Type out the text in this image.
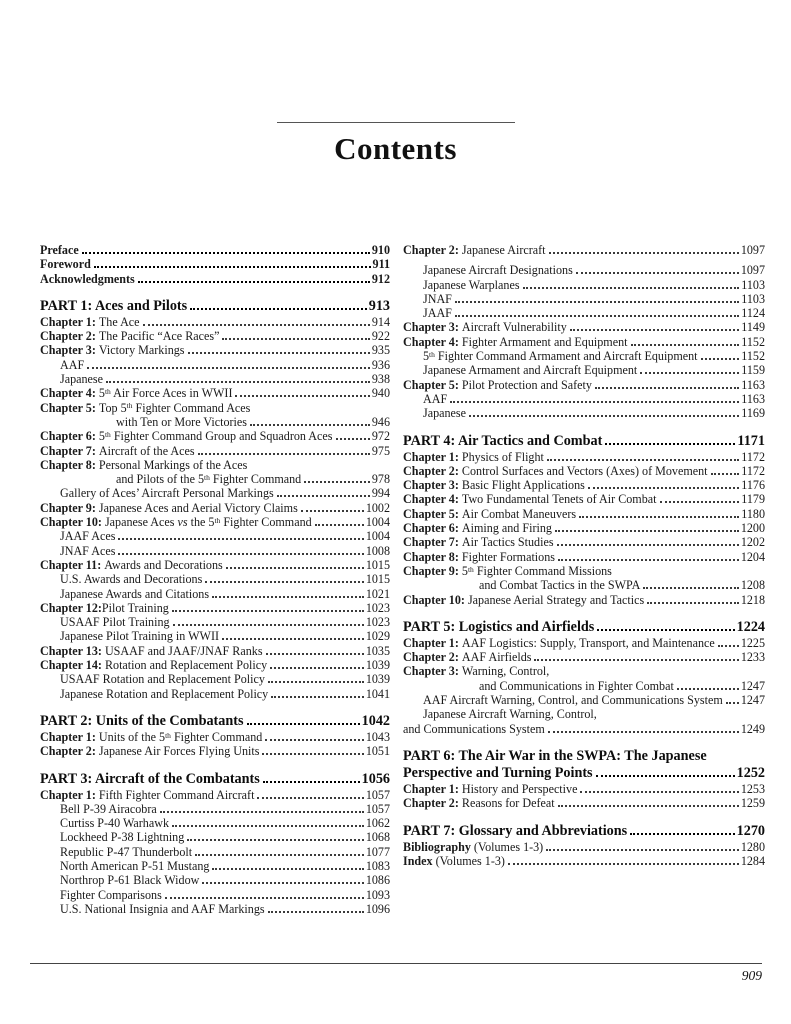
Contents
Preface	910
Foreword	911
Acknowledgments	912
PART 1: Aces and Pilots	913
Chapter 1: The Ace	914
Chapter 2: The Pacific “Ace Races”	922
Chapter 3: Victory Markings	935
AAF	936
Japanese	938
Chapter 4: 5th Air Force Aces in WWII	940
Chapter 5: Top 5th Fighter Command Aces
with Ten or More Victories	946
Chapter 6: 5th Fighter Command Group and Squadron Aces	972
Chapter 7: Aircraft of the Aces	975
Chapter 8: Personal Markings of the Aces
and Pilots of the 5th Fighter Command	978
Gallery of Aces’ Aircraft Personal Markings	994
Chapter 9: Japanese Aces and Aerial Victory Claims	1002
Chapter 10: Japanese Aces vs the 5th Fighter Command	1004
JAAF Aces	1004
JNAF Aces	1008
Chapter 11: Awards and Decorations	1015
U.S. Awards and Decorations	1015
Japanese Awards and Citations	1021
Chapter 12:Pilot Training	1023
USAAF Pilot Training	1023
Japanese Pilot Training in WWII	1029
Chapter 13: USAAF and JAAF/JNAF Ranks	1035
Chapter 14: Rotation and Replacement Policy	1039
USAAF Rotation and Replacement Policy	1039
Japanese Rotation and Replacement Policy	1041
PART 2: Units of the Combatants	1042
Chapter 1: Units of the 5th Fighter Command	1043
Chapter 2: Japanese Air Forces Flying Units	1051
PART 3: Aircraft of the Combatants	1056
Chapter 1: Fifth Fighter Command Aircraft	1057
Bell P-39 Airacobra	1057
Curtiss P-40 Warhawk	1062
Lockheed P-38 Lightning	1068
Republic P-47 Thunderbolt	1077
North American P-51 Mustang	1083
Northrop P-61 Black Widow	1086
Fighter Comparisons	1093
U.S. National Insignia and AAF Markings	1096
Chapter 2: Japanese Aircraft	1097
Japanese Aircraft Designations	1097
Japanese Warplanes	1103
JNAF	1103
JAAF	1124
Chapter 3: Aircraft Vulnerability	1149
Chapter 4: Fighter Armament and Equipment	1152
5th Fighter Command Armament and Aircraft Equipment	1152
Japanese Armament and Aircraft Equipment	1159
Chapter 5: Pilot Protection and Safety	1163
AAF	1163
Japanese	1169
PART 4: Air Tactics and Combat	1171
Chapter 1: Physics of Flight	1172
Chapter 2: Control Surfaces and Vectors (Axes) of Movement	1172
Chapter 3: Basic Flight Applications	1176
Chapter 4: Two Fundamental Tenets of Air Combat	1179
Chapter 5: Air Combat Maneuvers	1180
Chapter 6: Aiming and Firing	1200
Chapter 7: Air Tactics Studies	1202
Chapter 8: Fighter Formations	1204
Chapter 9: 5th Fighter Command Missions
and Combat Tactics in the SWPA	1208
Chapter 10: Japanese Aerial Strategy and Tactics	1218
PART 5: Logistics and Airfields	1224
Chapter 1: AAF Logistics: Supply, Transport, and Maintenance 1225
Chapter 2: AAF Airfields	1233
Chapter 3: Warning, Control,
and Communications in Fighter Combat	1247
AAF Aircraft Warning, Control, and Communications System 1247
Japanese Aircraft Warning, Control,
and Communications System	1249
PART 6: The Air War in the SWPA: The Japanese
Perspective and Turning Points	1252
Chapter 1: History and Perspective	1253
Chapter 2: Reasons for Defeat	1259
PART 7: Glossary and Abbreviations	1270
Bibliography (Volumes 1-3)	1280
Index (Volumes 1-3)	1284
909
